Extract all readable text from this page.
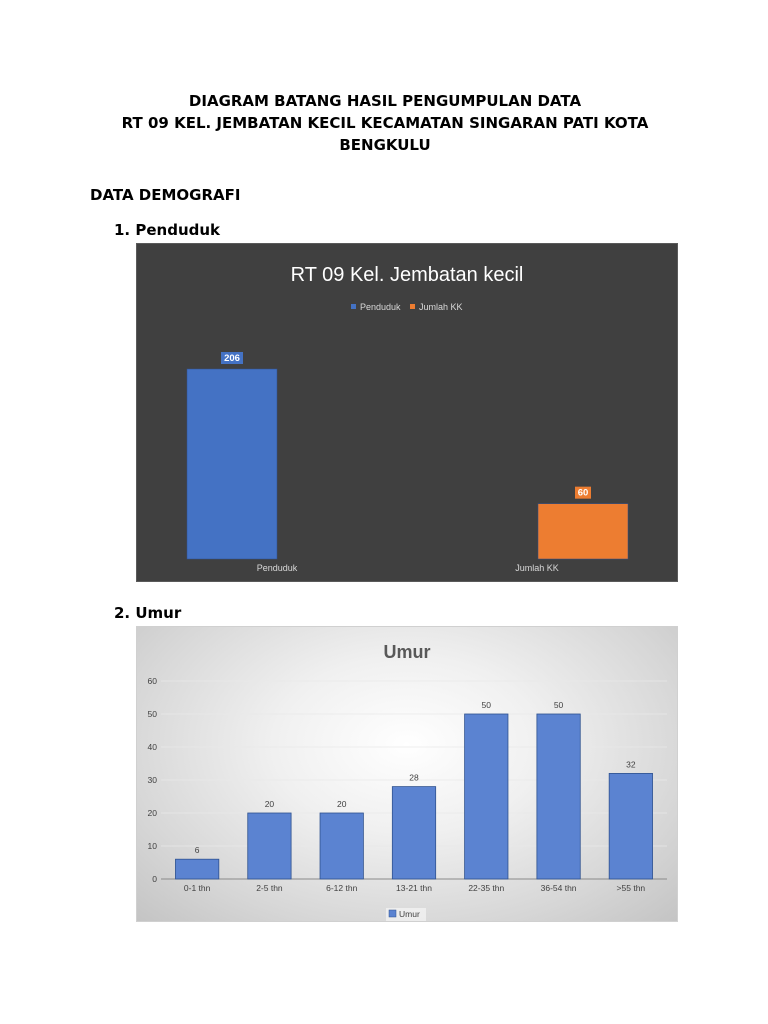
DIAGRAM BATANG HASIL PENGUMPULAN DATA
RT 09 KEL. JEMBATAN KECIL KECAMATAN SINGARAN PATI KOTA
BENGKULU
DATA DEMOGRAFI
1. Penduduk
2. Umur
RT 09 Kel. Jembatan kecil
Penduduk Jumlah KK
206
60
Penduduk	Jumlah KK
Umur
0
10
20
30
40
50
60
6
0-1 thn
20
2-5 thn
20
6-12 thn
28
13-21 thn
50
22-35 thn
50
36-54 thn
32
>55 thn
Umur
